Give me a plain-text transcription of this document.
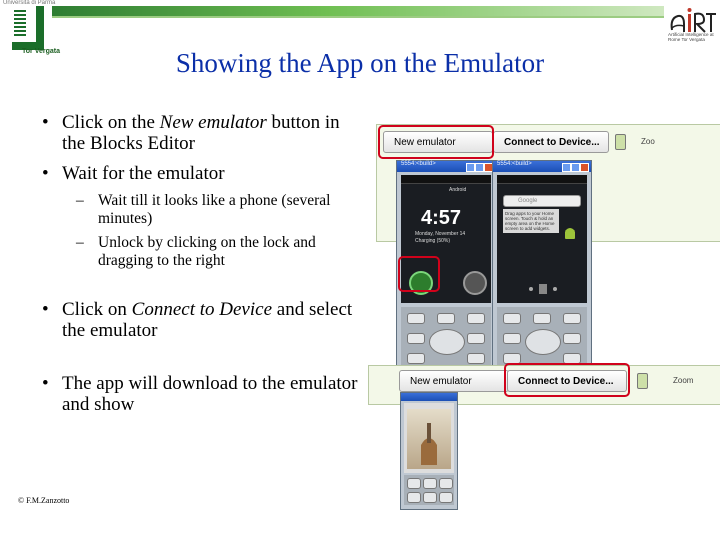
Università di Parma
Tor Vergata
Artificial Intelligence at Rome Tor Vergata
Showing the App on the Emulator
• Click on the New emulator button in the Blocks Editor
• Wait for the emulator
– Wait till it looks like a phone (several minutes)
– Unlock by clicking on the lock and dragging to the right
• Click on Connect to Device and select the emulator
• The app will download to the emulator and show
© F.M.Zanzotto
New emulator	Connect to Device...	Zoo
5554:<build>
Android
4:57
Monday, November 14
Charging (50%)
5554:<build>
Google
Drag apps to your Home screen. Touch & hold an empty area on the Home screen to add widgets.
New emulator	Connect to Device...	Zoom
